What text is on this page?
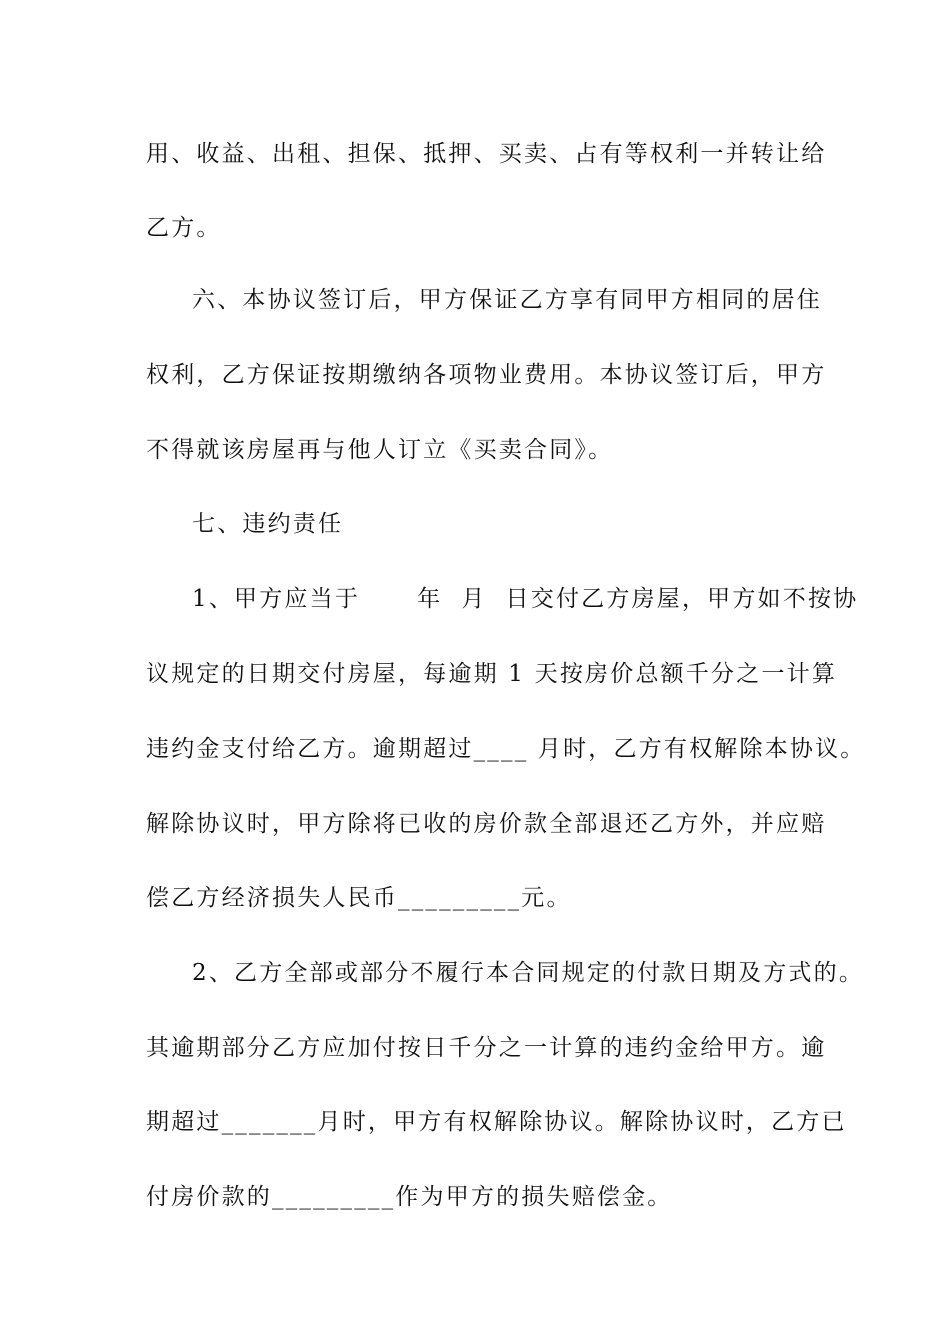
用、收益、出租、担保、抵押、买卖、占有等权利一并转让给
乙方。
六、本协议签订后，甲方保证乙方享有同甲方相同的居住
权利，乙方保证按期缴纳各项物业费用。本协议签订后，甲方
不得就该房屋再与他人订立《买卖合同》。
七、违约责任
1、甲方应当于      年  月  日交付乙方房屋，甲方如不按协
议规定的日期交付房屋，每逾期 1 天按房价总额千分之一计算
违约金支付给乙方。逾期超过____ 月时，乙方有权解除本协议。
解除协议时，甲方除将已收的房价款全部退还乙方外，并应赔
偿乙方经济损失人民币_________元。
2、乙方全部或部分不履行本合同规定的付款日期及方式的。
其逾期部分乙方应加付按日千分之一计算的违约金给甲方。逾
期超过_______月时，甲方有权解除协议。解除协议时，乙方已
付房价款的_________作为甲方的损失赔偿金。
